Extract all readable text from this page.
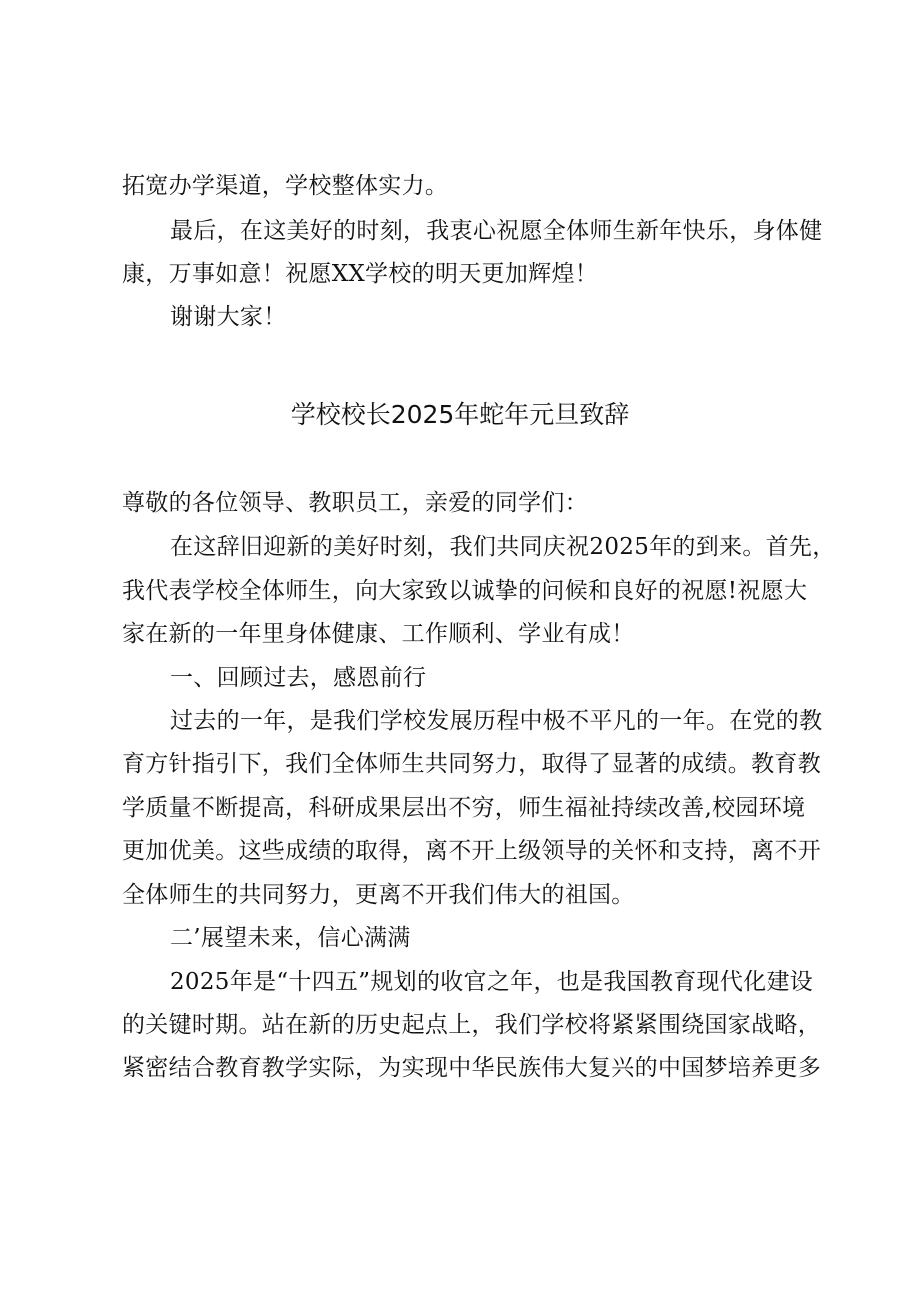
拓宽办学渠道，学校整体实力。
最后，在这美好的时刻，我衷心祝愿全体师生新年快乐，身体健
康，万事如意！祝愿XX学校的明天更加辉煌！
谢谢大家！
学校校长2025年蛇年元旦致辞
尊敬的各位领导、教职员工，亲爱的同学们：
在这辞旧迎新的美好时刻，我们共同庆祝2025年的到来。首先，
我代表学校全体师生，向大家致以诚挚的问候和良好的祝愿!祝愿大
家在新的一年里身体健康、工作顺利、学业有成！
一、回顾过去，感恩前行
过去的一年，是我们学校发展历程中极不平凡的一年。在党的教
育方针指引下，我们全体师生共同努力，取得了显著的成绩。教育教
学质量不断提高，科研成果层出不穷，师生福祉持续改善,校园环境
更加优美。这些成绩的取得，离不开上级领导的关怀和支持，离不开
全体师生的共同努力，更离不开我们伟大的祖国。
二’展望未来，信心满满
2025年是“十四五”规划的收官之年，也是我国教育现代化建设
的关键时期。站在新的历史起点上，我们学校将紧紧围绕国家战略，
紧密结合教育教学实际，为实现中华民族伟大复兴的中国梦培养更多
